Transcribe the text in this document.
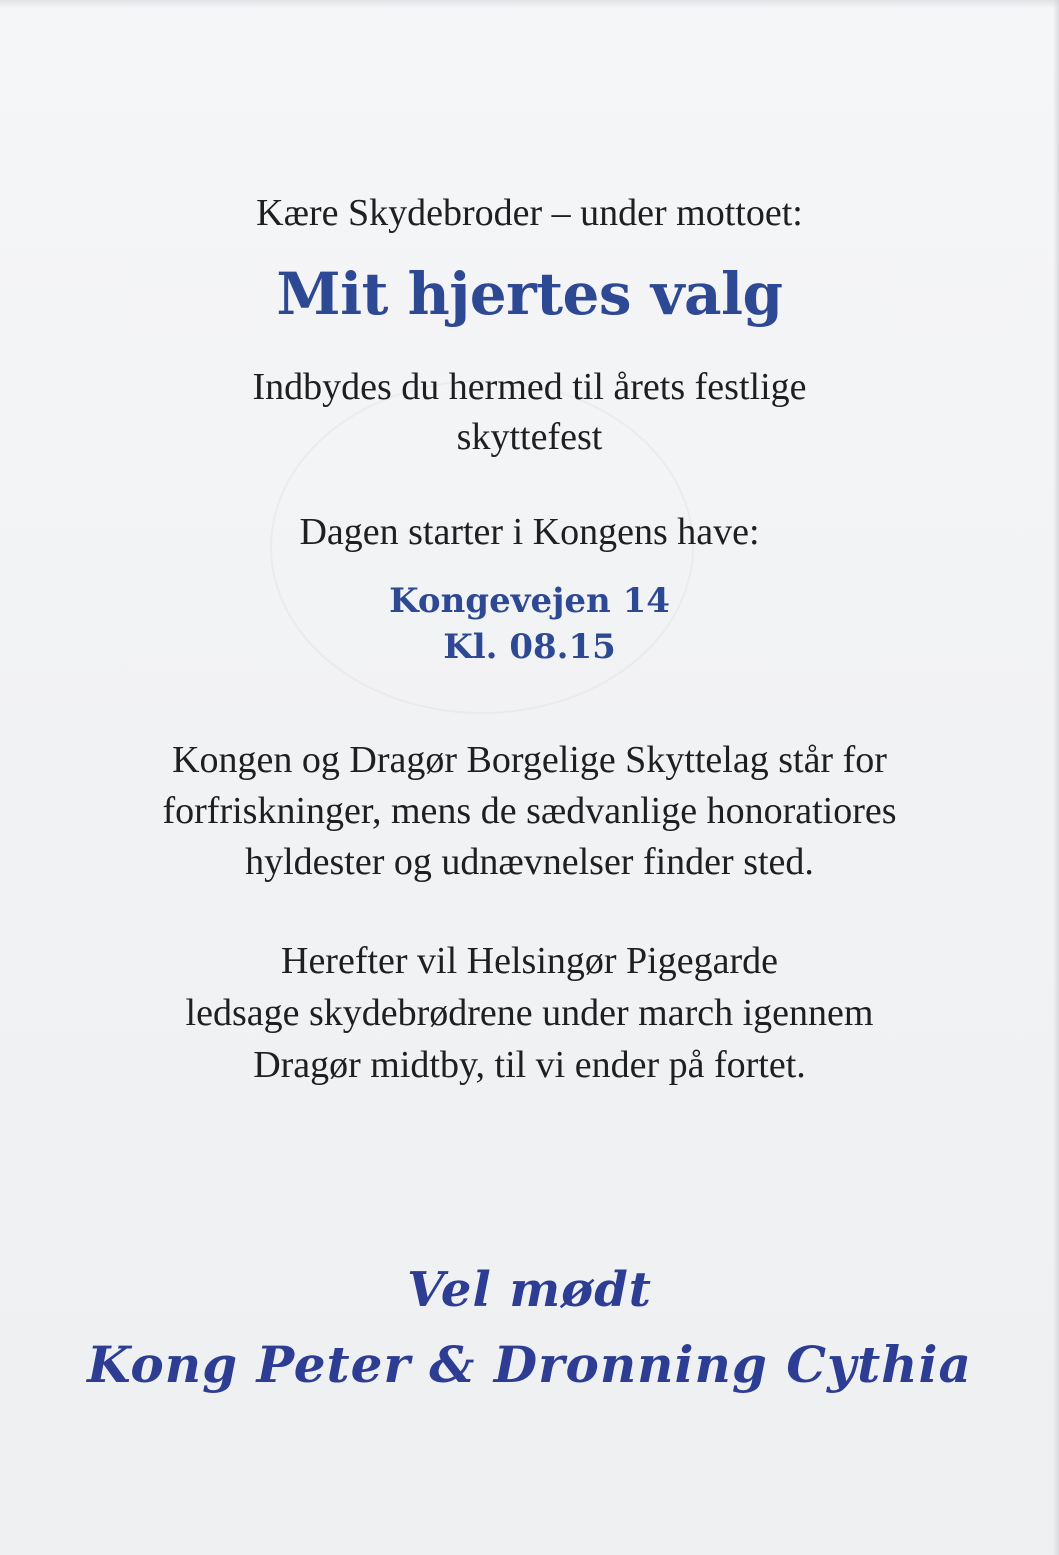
Kære Skydebroder – under mottoet:

Mit hjertes valg

Indbydes du hermed til årets festlige
skyttefest

Dagen starter i Kongens have:

Kongevejen 14
Kl. 08.15

Kongen og Dragør Borgelige Skyttelag står for
forfriskninger, mens de sædvanlige honoratiores
hyldester og udnævnelser finder sted.

Herefter vil Helsingør Pigegarde
ledsage skydebrødrene under march igennem
Dragør midtby, til vi ender på fortet.

Vel mødt

Kong Peter & Dronning Cythia
